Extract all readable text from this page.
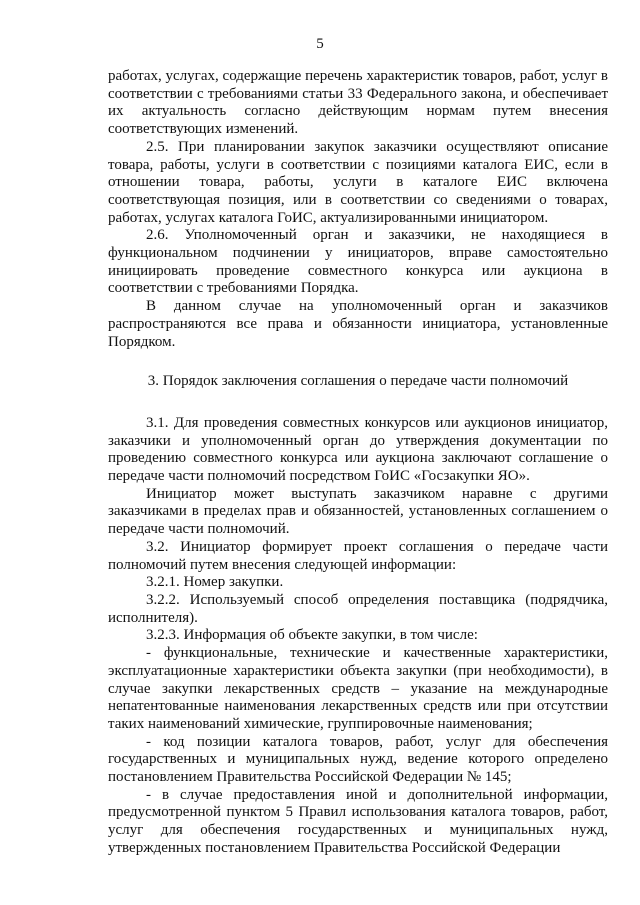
5

работах, услугах, содержащие перечень характеристик товаров, работ, услуг в соответствии с требованиями статьи 33 Федерального закона, и обеспечивает их актуальность согласно действующим нормам путем внесения соответствующих изменений.

2.5. При планировании закупок заказчики осуществляют описание товара, работы, услуги в соответствии с позициями каталога ЕИС, если в отношении товара, работы, услуги в каталоге ЕИС включена соответствующая позиция, или в соответствии со сведениями о товарах, работах, услугах каталога ГоИС, актуализированными инициатором.

2.6. Уполномоченный орган и заказчики, не находящиеся в функциональном подчинении у инициаторов, вправе самостоятельно инициировать проведение совместного конкурса или аукциона в соответствии с требованиями Порядка.

В данном случае на уполномоченный орган и заказчиков распространяются все права и обязанности инициатора, установленные Порядком.

3. Порядок заключения соглашения о передаче части полномочий

3.1. Для проведения совместных конкурсов или аукционов инициатор, заказчики и уполномоченный орган до утверждения документации по проведению совместного конкурса или аукциона заключают соглашение о передаче части полномочий посредством ГоИС «Госзакупки ЯО».

Инициатор может выступать заказчиком наравне с другими заказчиками в пределах прав и обязанностей, установленных соглашением о передаче части полномочий.

3.2. Инициатор формирует проект соглашения о передаче части полномочий путем внесения следующей информации:

3.2.1. Номер закупки.

3.2.2. Используемый способ определения поставщика (подрядчика, исполнителя).

3.2.3. Информация об объекте закупки, в том числе:

- функциональные, технические и качественные характеристики, эксплуатационные характеристики объекта закупки (при необходимости), в случае закупки лекарственных средств – указание на международные непатентованные наименования лекарственных средств или при отсутствии таких наименований химические, группировочные наименования;

- код позиции каталога товаров, работ, услуг для обеспечения государственных и муниципальных нужд, ведение которого определено постановлением Правительства Российской Федерации № 145;

- в случае предоставления иной и дополнительной информации, предусмотренной пунктом 5 Правил использования каталога товаров, работ, услуг для обеспечения государственных и муниципальных нужд, утвержденных постановлением Правительства Российской Федерации
